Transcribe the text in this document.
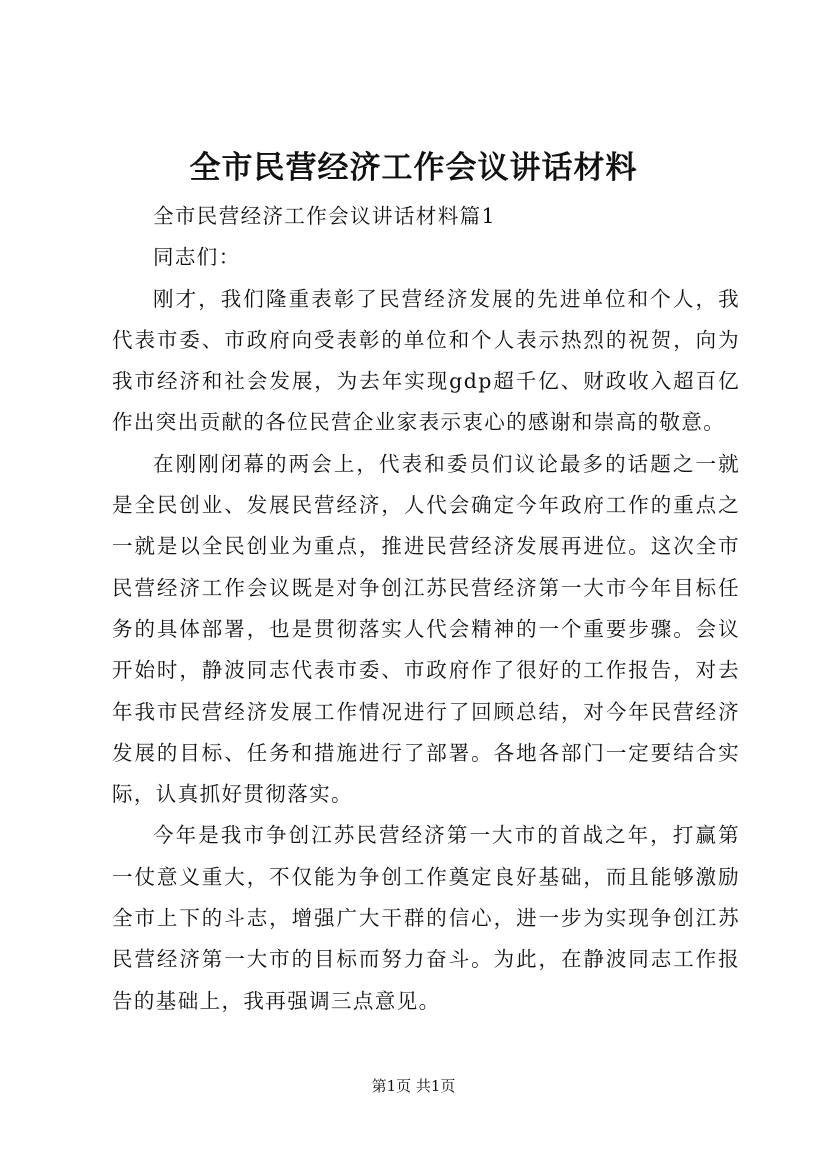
全市民营经济工作会议讲话材料

全市民营经济工作会议讲话材料篇1

同志们：

刚才，我们隆重表彰了民营经济发展的先进单位和个人，我代表市委、市政府向受表彰的单位和个人表示热烈的祝贺，向为我市经济和社会发展，为去年实现gdp超千亿、财政收入超百亿作出突出贡献的各位民营企业家表示衷心的感谢和崇高的敬意。

在刚刚闭幕的两会上，代表和委员们议论最多的话题之一就是全民创业、发展民营经济，人代会确定今年政府工作的重点之一就是以全民创业为重点，推进民营经济发展再进位。这次全市民营经济工作会议既是对争创江苏民营经济第一大市今年目标任务的具体部署，也是贯彻落实人代会精神的一个重要步骤。会议开始时，静波同志代表市委、市政府作了很好的工作报告，对去年我市民营经济发展工作情况进行了回顾总结，对今年民营经济发展的目标、任务和措施进行了部署。各地各部门一定要结合实际，认真抓好贯彻落实。

今年是我市争创江苏民营经济第一大市的首战之年，打赢第一仗意义重大，不仅能为争创工作奠定良好基础，而且能够激励全市上下的斗志，增强广大干群的信心，进一步为实现争创江苏民营经济第一大市的目标而努力奋斗。为此，在静波同志工作报告的基础上，我再强调三点意见。

第1页 共1页
